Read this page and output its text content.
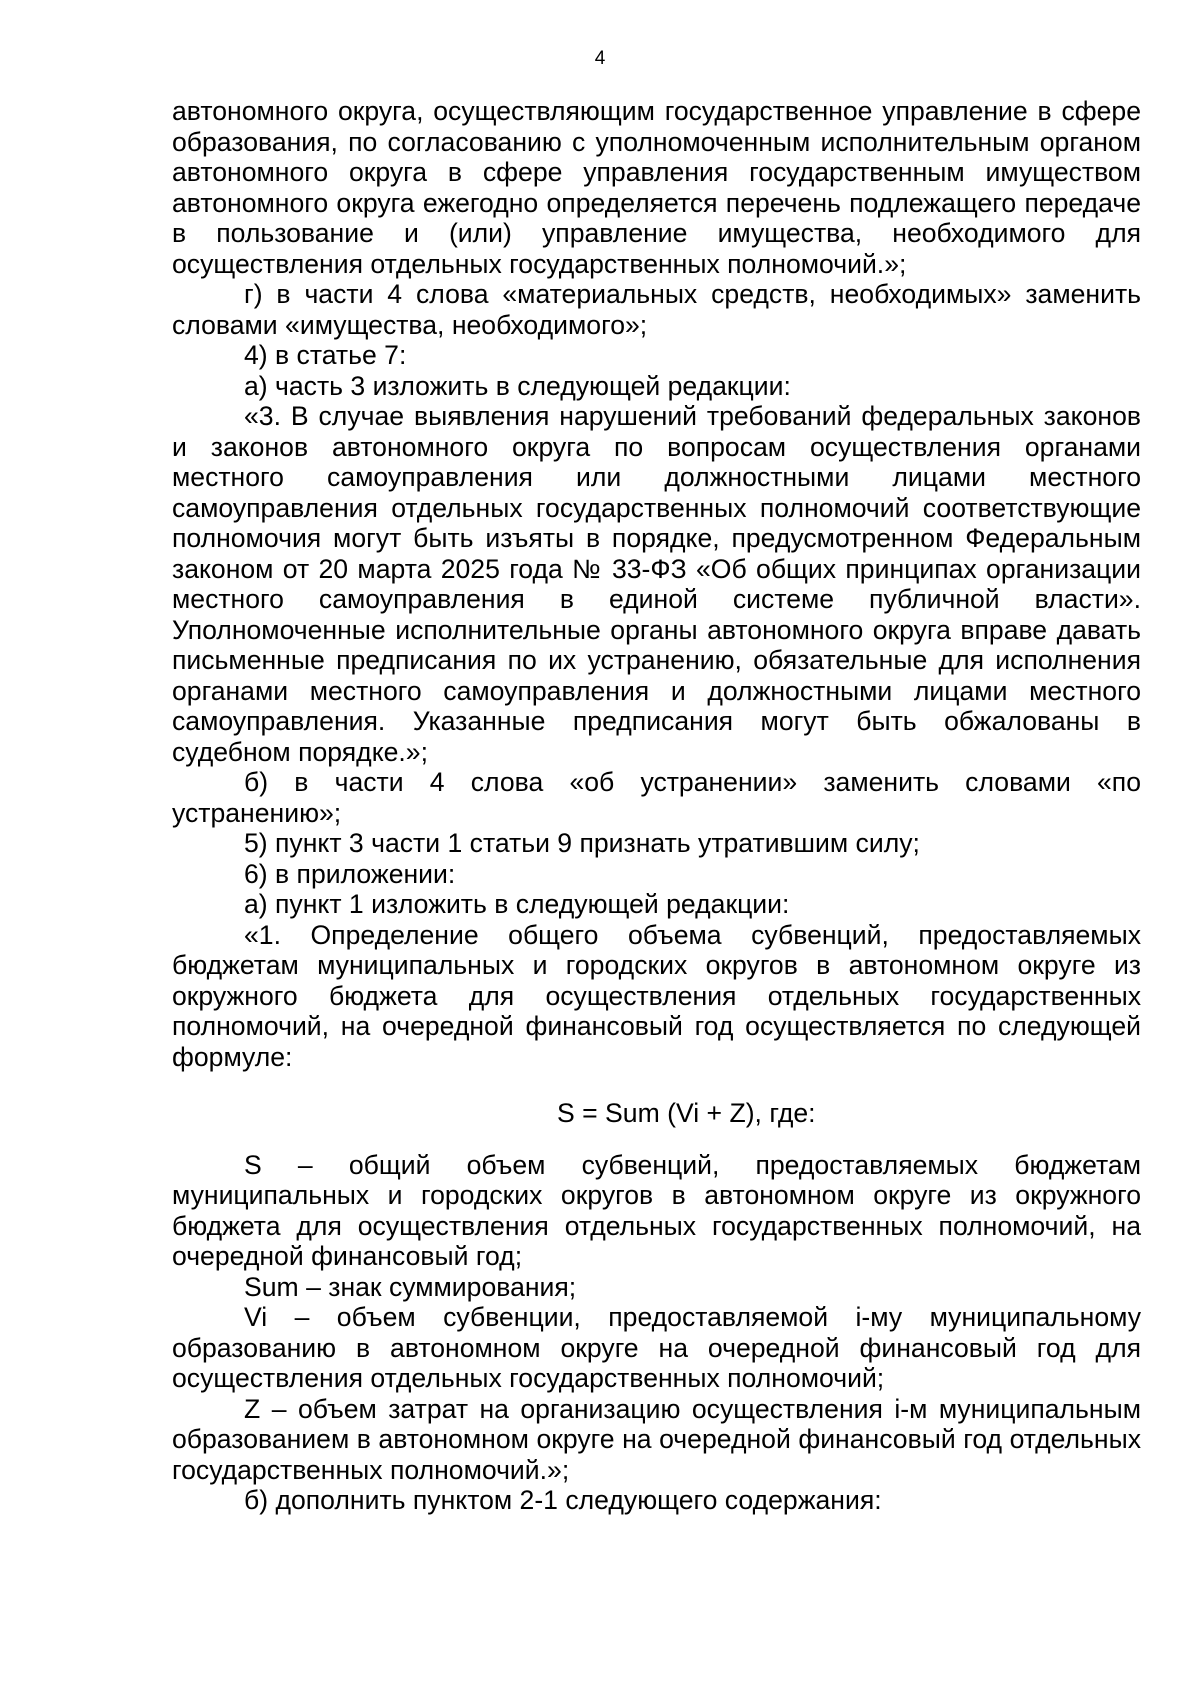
4

автономного округа, осуществляющим государственное управление в сфере образования, по согласованию с уполномоченным исполнительным органом автономного округа в сфере управления государственным имуществом автономного округа ежегодно определяется перечень подлежащего передаче в пользование и (или) управление имущества, необходимого для осуществления отдельных государственных полномочий.»;

г) в части 4 слова «материальных средств, необходимых» заменить словами «имущества, необходимого»;

4) в статье 7:

а) часть 3 изложить в следующей редакции:

«3. В случае выявления нарушений требований федеральных законов и законов автономного округа по вопросам осуществления органами местного самоуправления или должностными лицами местного самоуправления отдельных государственных полномочий соответствующие полномочия могут быть изъяты в порядке, предусмотренном Федеральным законом от 20 марта 2025 года № 33-ФЗ «Об общих принципах организации местного самоуправления в единой системе публичной власти». Уполномоченные исполнительные органы автономного округа вправе давать письменные предписания по их устранению, обязательные для исполнения органами местного самоуправления и должностными лицами местного самоуправления. Указанные предписания могут быть обжалованы в судебном порядке.»;

б) в части 4 слова «об устранении» заменить словами «по устранению»;

5) пункт 3 части 1 статьи 9 признать утратившим силу;

6) в приложении:

а) пункт 1 изложить в следующей редакции:

«1. Определение общего объема субвенций, предоставляемых бюджетам муниципальных и городских округов в автономном округе из окружного бюджета для осуществления отдельных государственных полномочий, на очередной финансовый год осуществляется по следующей формуле:

S = Sum (Vi + Z), где:

S – общий объем субвенций, предоставляемых бюджетам муниципальных и городских округов в автономном округе из окружного бюджета для осуществления отдельных государственных полномочий, на очередной финансовый год;

Sum – знак суммирования;

Vi – объем субвенции, предоставляемой i-му муниципальному образованию в автономном округе на очередной финансовый год для осуществления отдельных государственных полномочий;

Z – объем затрат на организацию осуществления i-м муниципальным образованием в автономном округе на очередной финансовый год отдельных государственных полномочий.»;

б) дополнить пунктом 2-1 следующего содержания:
